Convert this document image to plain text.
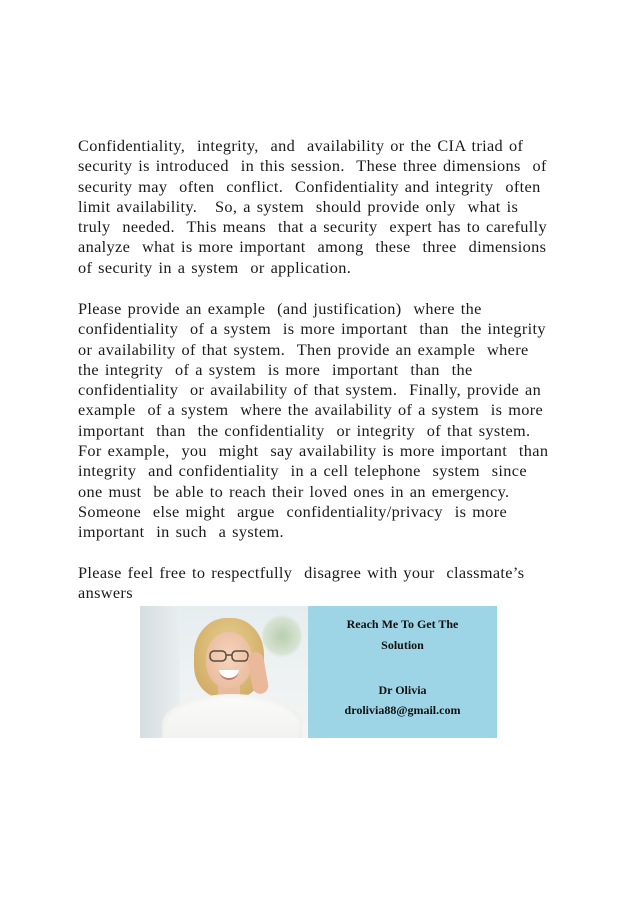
Confidentiality,  integrity,  and  availability or the CIA triad of
security is introduced  in this session.  These three dimensions  of
security may  often  conflict.  Confidentiality and integrity  often
limit availability.   So, a system  should provide only  what is
truly  needed.  This means  that a security  expert has to carefully
analyze  what is more important  among  these  three  dimensions
of security in a system  or application.
Please provide an example  (and justification)  where the
confidentiality  of a system  is more important  than  the integrity
or availability of that system.  Then provide an example  where
the integrity  of a system  is more  important  than  the
confidentiality  or availability of that system.  Finally, provide an
example  of a system  where the availability of a system  is more
important  than  the confidentiality  or integrity  of that system.
For example,  you  might  say availability is more important  than
integrity  and confidentiality  in a cell telephone  system  since
one must  be able to reach their loved ones in an emergency.
Someone  else might  argue  confidentiality/privacy  is more
important  in such  a system.
Please feel free to respectfully  disagree with your  classmate’s
answers
Reach Me To Get The
Solution
Dr Olivia
drolivia88@gmail.com
